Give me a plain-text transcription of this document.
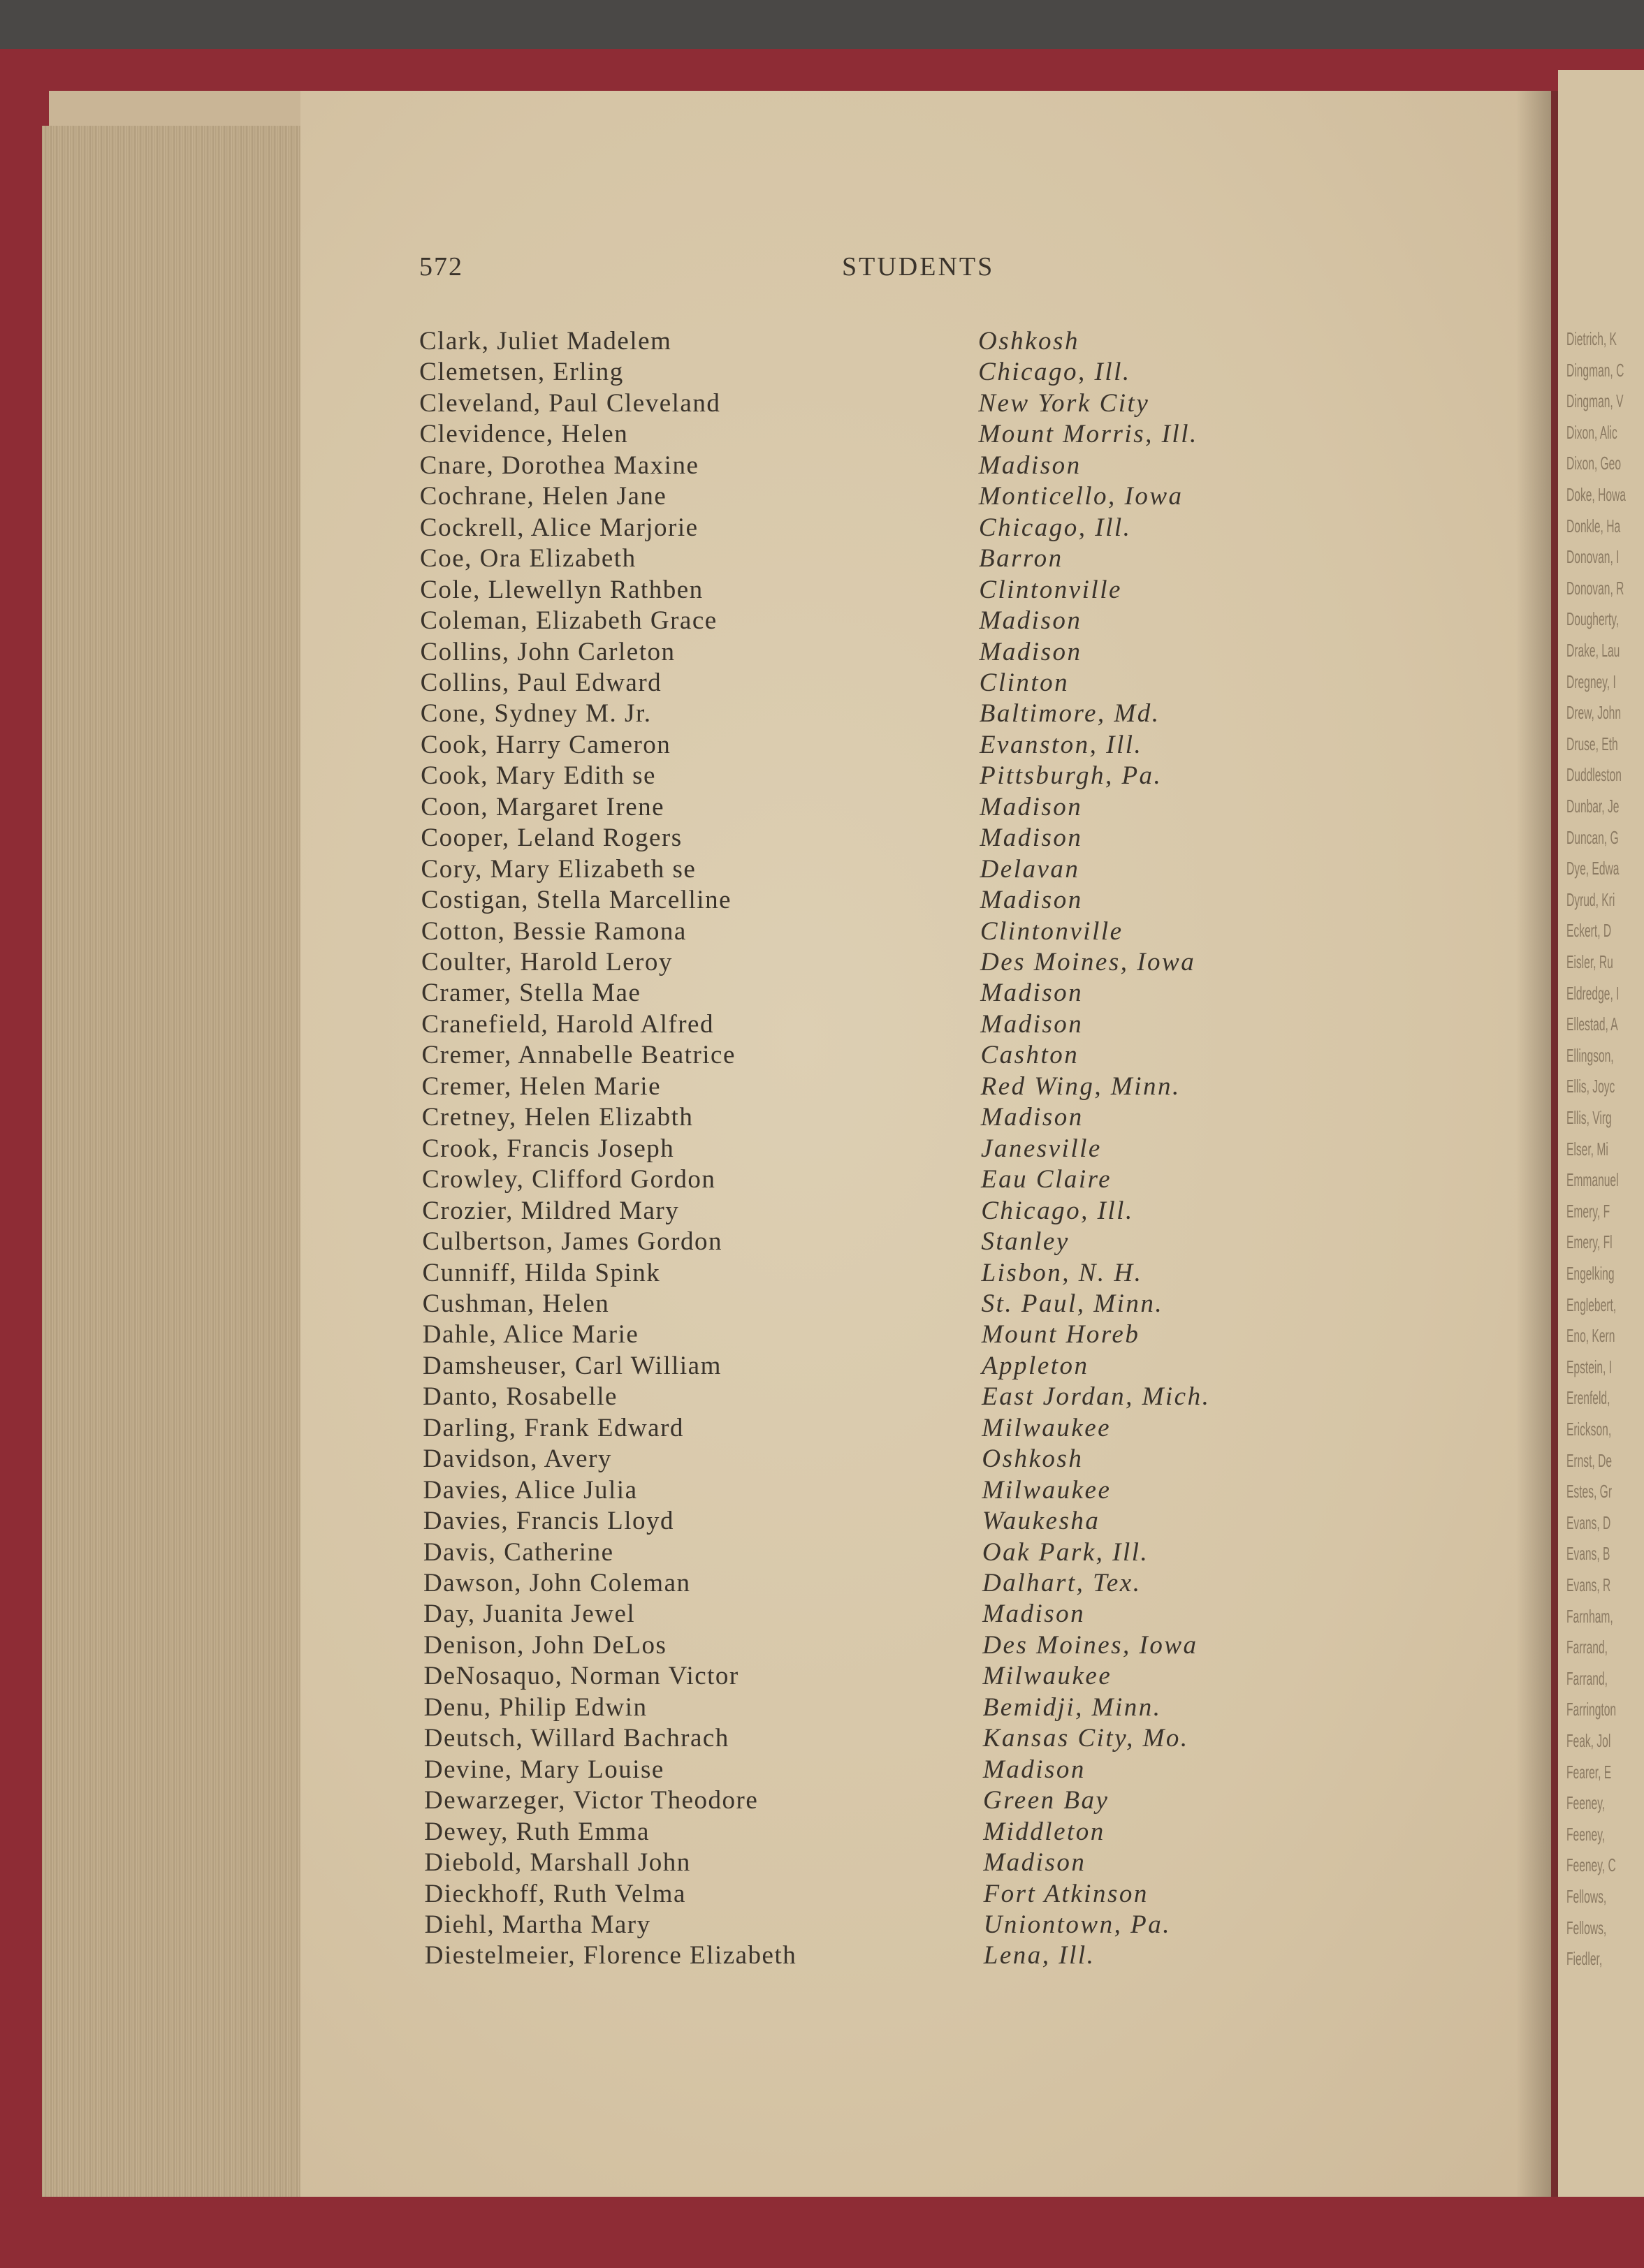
Dietrich, K
Dingman, C
Dingman, V
Dixon, Alic
Dixon, Geo
Doke, Howa
Donkle, Ha
Donovan, I
Donovan, R
Dougherty,
Drake, Lau
Dregney, I
Drew, John
Druse, Eth
Duddleston
Dunbar, Je
Duncan, G
Dye, Edwa
Dyrud, Kri
Eckert, D
Eisler, Ru
Eldredge, I
Ellestad, A
Ellingson,
Ellis, Joyc
Ellis, Virg
Elser, Mi
Emmanuel
Emery, F
Emery, Fl
Engelking
Englebert,
Eno, Kern
Epstein, I
Erenfeld,
Erickson,
Ernst, De
Estes, Gr
Evans, D
Evans, B
Evans, R
Farnham,
Farrand,
Farrand,
Farrington
Feak, Jol
Fearer, E
Feeney,
Feeney,
Feeney, C
Fellows,
Fellows,
Fiedler,
572	STUDENTS
Clark, Juliet Madelem	Oshkosh
Clemetsen, Erling	Chicago, Ill.
Cleveland, Paul Cleveland	New York City
Clevidence, Helen	Mount Morris, Ill.
Cnare, Dorothea Maxine	Madison
Cochrane, Helen Jane	Monticello, Iowa
Cockrell, Alice Marjorie	Chicago, Ill.
Coe, Ora Elizabeth	Barron
Cole, Llewellyn Rathben	Clintonville
Coleman, Elizabeth Grace	Madison
Collins, John Carleton	Madison
Collins, Paul Edward	Clinton
Cone, Sydney M. Jr.	Baltimore, Md.
Cook, Harry Cameron	Evanston, Ill.
Cook, Mary Edith se	Pittsburgh, Pa.
Coon, Margaret Irene	Madison
Cooper, Leland Rogers	Madison
Cory, Mary Elizabeth se	Delavan
Costigan, Stella Marcelline	Madison
Cotton, Bessie Ramona	Clintonville
Coulter, Harold Leroy	Des Moines, Iowa
Cramer, Stella Mae	Madison
Cranefield, Harold Alfred	Madison
Cremer, Annabelle Beatrice	Cashton
Cremer, Helen Marie	Red Wing, Minn.
Cretney, Helen Elizabth	Madison
Crook, Francis Joseph	Janesville
Crowley, Clifford Gordon	Eau Claire
Crozier, Mildred Mary	Chicago, Ill.
Culbertson, James Gordon	Stanley
Cunniff, Hilda Spink	Lisbon, N. H.
Cushman, Helen	St. Paul, Minn.
Dahle, Alice Marie	Mount Horeb
Damsheuser, Carl William	Appleton
Danto, Rosabelle	East Jordan, Mich.
Darling, Frank Edward	Milwaukee
Davidson, Avery	Oshkosh
Davies, Alice Julia	Milwaukee
Davies, Francis Lloyd	Waukesha
Davis, Catherine	Oak Park, Ill.
Dawson, John Coleman	Dalhart, Tex.
Day, Juanita Jewel	Madison
Denison, John DeLos	Des Moines, Iowa
DeNosaquo, Norman Victor	Milwaukee
Denu, Philip Edwin	Bemidji, Minn.
Deutsch, Willard Bachrach	Kansas City, Mo.
Devine, Mary Louise	Madison
Dewarzeger, Victor Theodore	Green Bay
Dewey, Ruth Emma	Middleton
Diebold, Marshall John	Madison
Dieckhoff, Ruth Velma	Fort Atkinson
Diehl, Martha Mary	Uniontown, Pa.
Diestelmeier, Florence Elizabeth	Lena, Ill.
